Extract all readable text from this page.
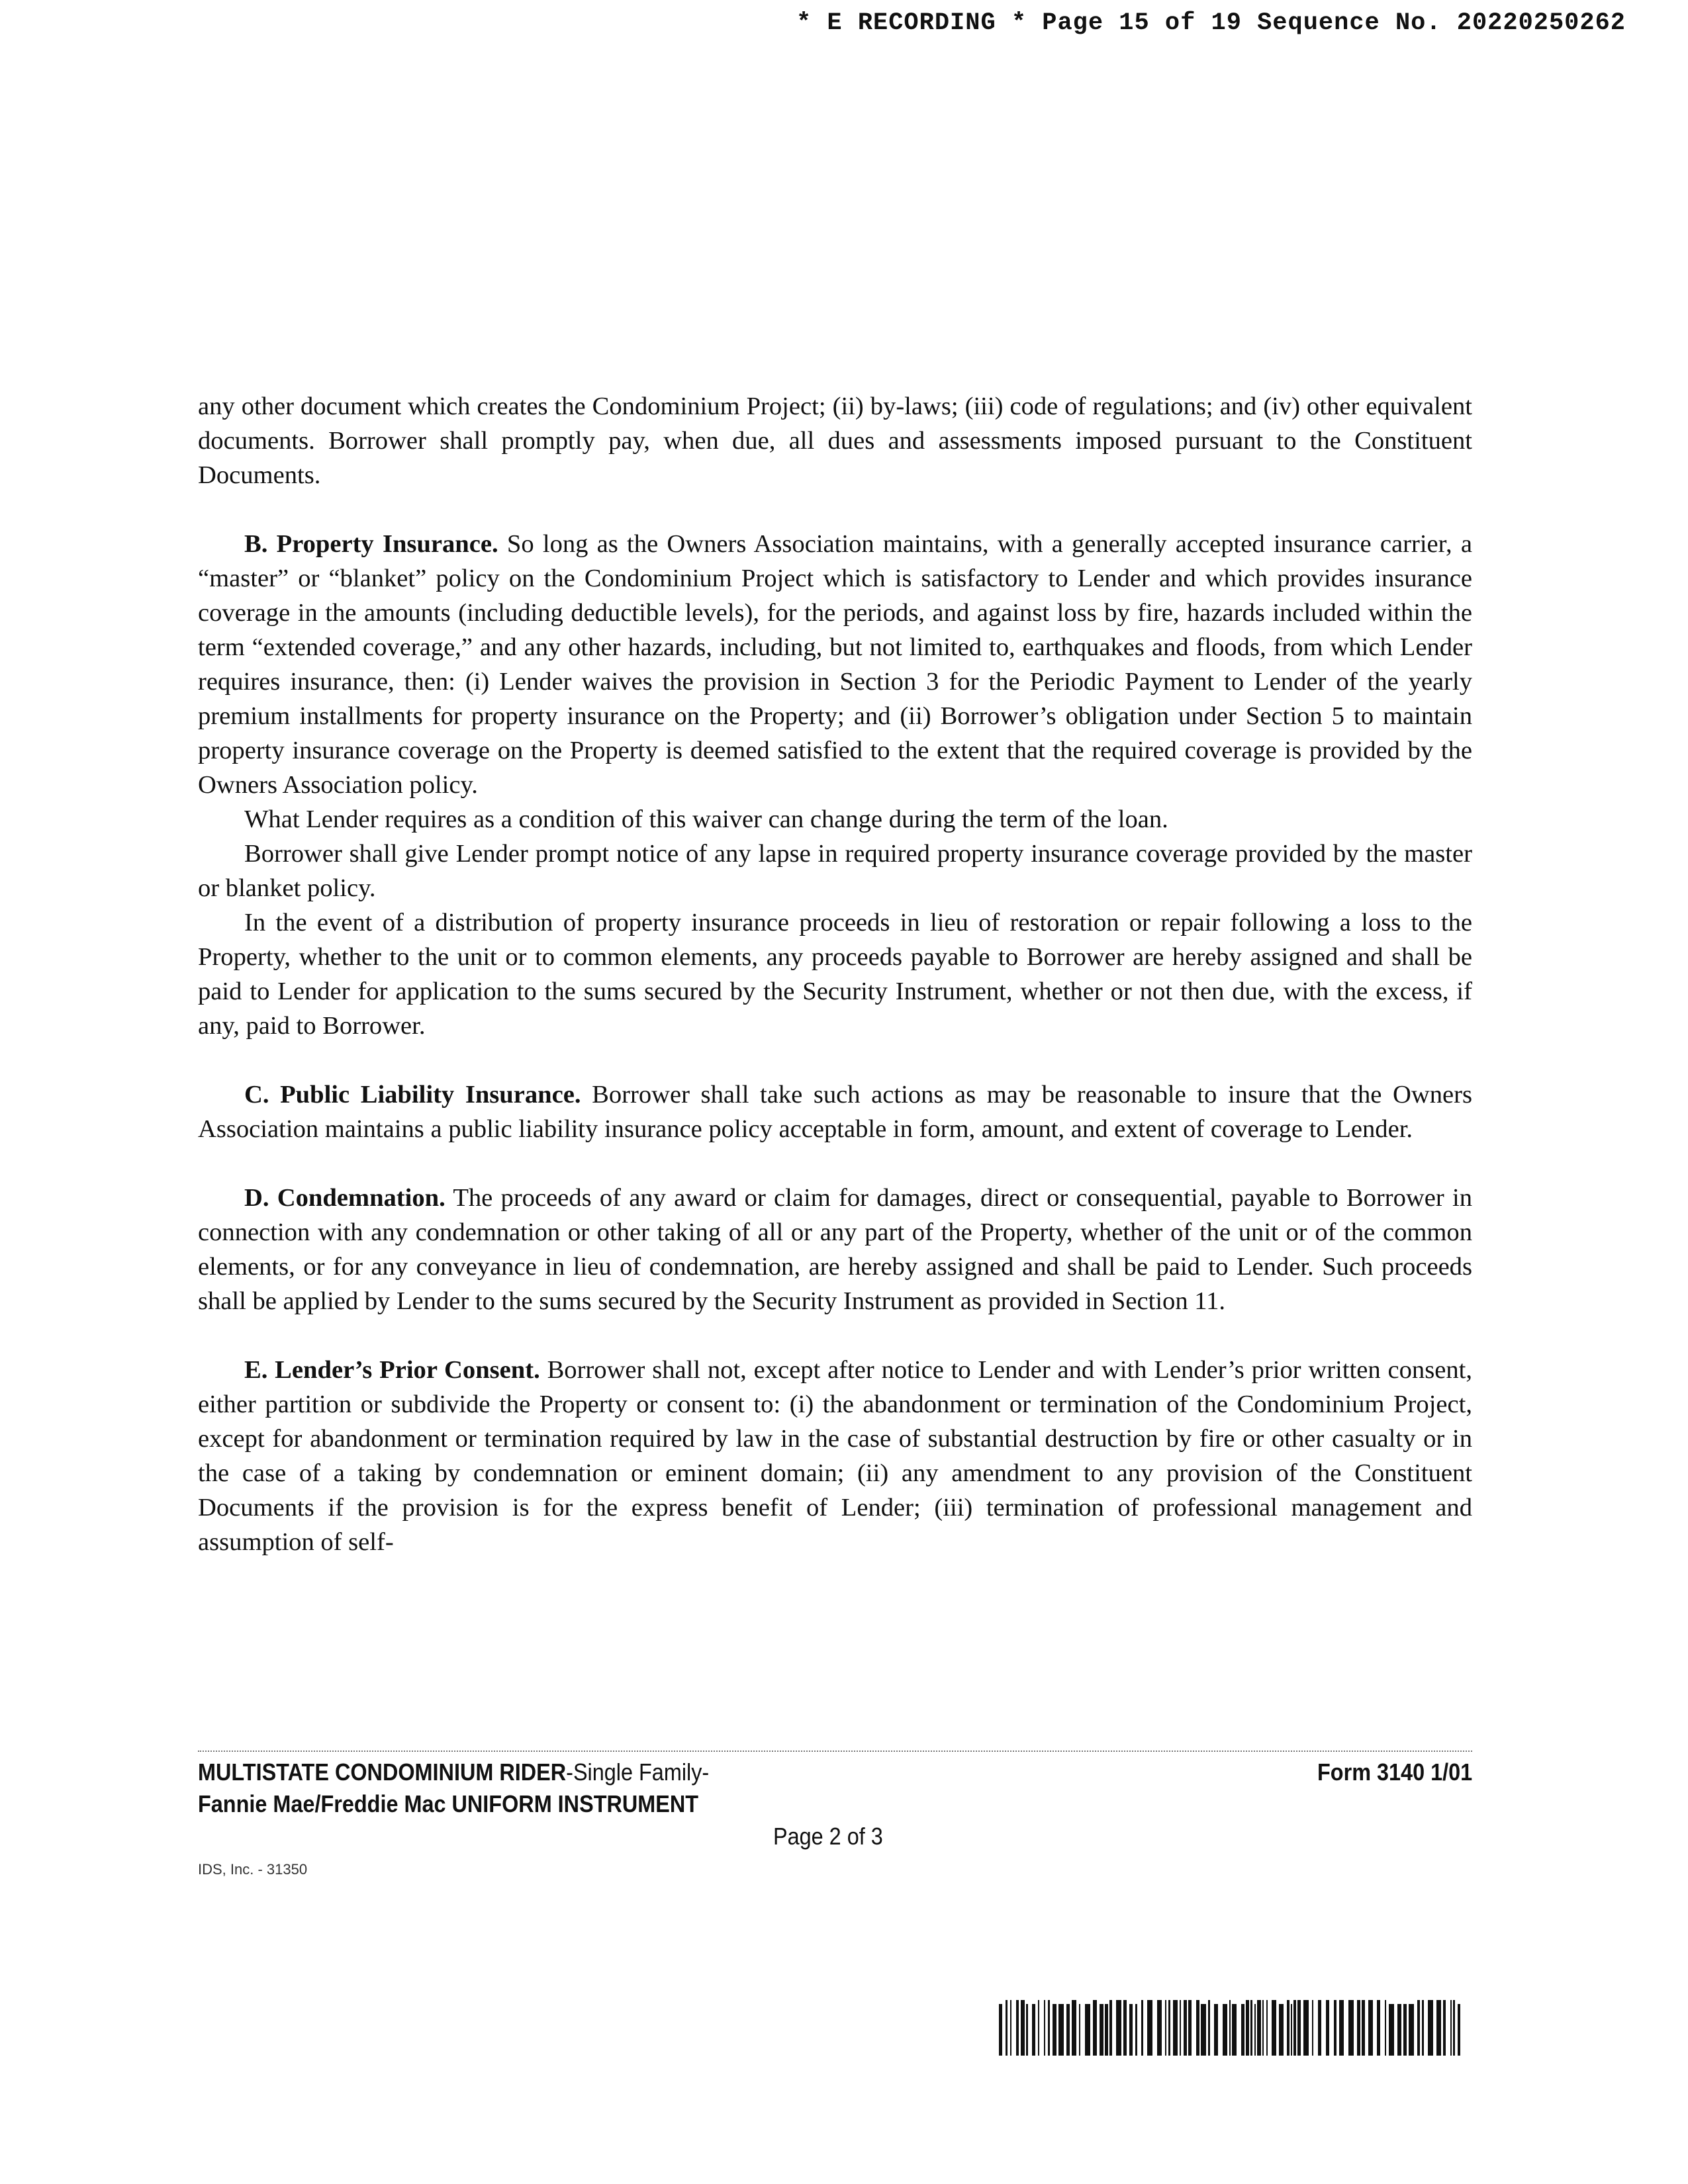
* E RECORDING * Page 15 of 19 Sequence No. 20220250262

any other document which creates the Condominium Project; (ii) by-laws; (iii) code of regulations; and (iv) other equivalent documents. Borrower shall promptly pay, when due, all dues and assessments imposed pursuant to the Constituent Documents.

B. Property Insurance. So long as the Owners Association maintains, with a generally accepted insurance carrier, a “master” or “blanket” policy on the Condominium Project which is satisfactory to Lender and which provides insurance coverage in the amounts (including deductible levels), for the periods, and against loss by fire, hazards included within the term “extended coverage,” and any other hazards, including, but not limited to, earthquakes and floods, from which Lender requires insurance, then: (i) Lender waives the provision in Section 3 for the Periodic Payment to Lender of the yearly premium installments for property insurance on the Property; and (ii) Borrower’s obligation under Section 5 to maintain property insurance coverage on the Property is deemed satisfied to the extent that the required coverage is provided by the Owners Association policy.

What Lender requires as a condition of this waiver can change during the term of the loan.

Borrower shall give Lender prompt notice of any lapse in required property insurance coverage provided by the master or blanket policy.

In the event of a distribution of property insurance proceeds in lieu of restoration or repair following a loss to the Property, whether to the unit or to common elements, any proceeds payable to Borrower are hereby assigned and shall be paid to Lender for application to the sums secured by the Security Instrument, whether or not then due, with the excess, if any, paid to Borrower.

C. Public Liability Insurance. Borrower shall take such actions as may be reasonable to insure that the Owners Association maintains a public liability insurance policy acceptable in form, amount, and extent of coverage to Lender.

D. Condemnation. The proceeds of any award or claim for damages, direct or consequential, payable to Borrower in connection with any condemnation or other taking of all or any part of the Property, whether of the unit or of the common elements, or for any conveyance in lieu of condemnation, are hereby assigned and shall be paid to Lender. Such proceeds shall be applied by Lender to the sums secured by the Security Instrument as provided in Section 11.

E. Lender’s Prior Consent. Borrower shall not, except after notice to Lender and with Lender’s prior written consent, either partition or subdivide the Property or consent to: (i) the abandonment or termination of the Condominium Project, except for abandonment or termination required by law in the case of substantial destruction by fire or other casualty or in the case of a taking by condemnation or eminent domain; (ii) any amendment to any provision of the Constituent Documents if the provision is for the express benefit of Lender; (iii) termination of professional management and assumption of self-

MULTISTATE CONDOMINIUM RIDER-Single Family-
Fannie Mae/Freddie Mac UNIFORM INSTRUMENT
Form 3140 1/01
Page 2 of 3
IDS, Inc. - 31350
